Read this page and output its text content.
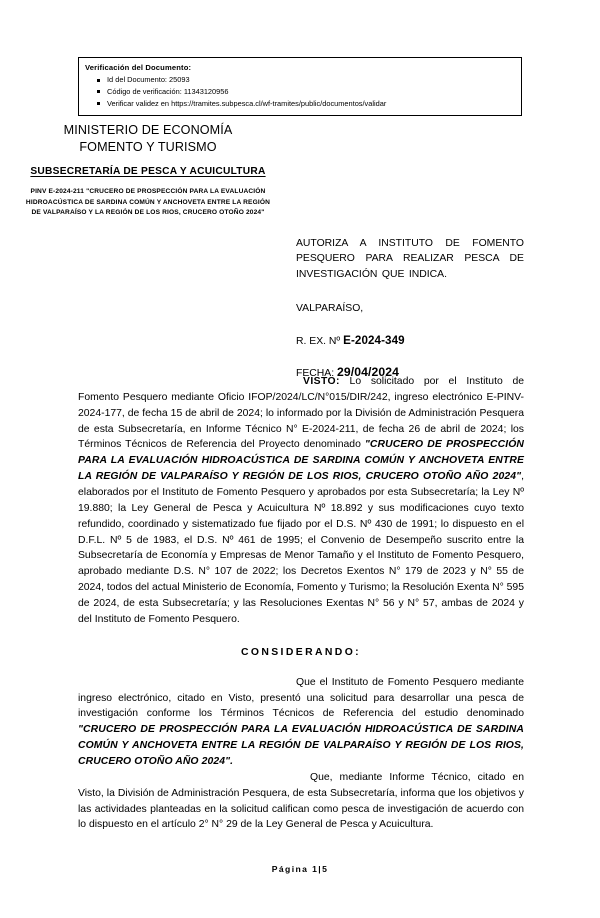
Verificación del Documento:

Id del Documento: 25093
Código de verificación: 11343120956
Verificar validez en https://tramites.subpesca.cl/wf-tramites/public/documentos/validar
MINISTERIO DE ECONOMÍA
FOMENTO Y TURISMO
SUBSECRETARÍA DE PESCA Y ACUICULTURA
PINV E-2024-211 "CRUCERO DE PROSPECCIÓN PARA LA EVALUACIÓN HIDROACÚSTICA DE SARDINA COMÚN Y ANCHOVETA ENTRE LA REGIÓN DE VALPARAÍSO Y LA REGIÓN DE LOS RIOS, CRUCERO OTOÑO 2024"
AUTORIZA A INSTITUTO DE FOMENTO PESQUERO PARA REALIZAR PESCA DE INVESTIGACIÓN QUE INDICA.
VALPARAÍSO,
R. EX. Nº E-2024-349
FECHA: 29/04/2024

VISTO: Lo solicitado por el Instituto de Fomento Pesquero mediante Oficio IFOP/2024/LC/N°015/DIR/242, ingreso electrónico E-PINV-2024-177, de fecha 15 de abril de 2024; lo informado por la División de Administración Pesquera de esta Subsecretaría, en Informe Técnico N° E-2024-211, de fecha 26 de abril de 2024; los Términos Técnicos de Referencia del Proyecto denominado "CRUCERO DE PROSPECCIÓN PARA LA EVALUACIÓN HIDROACÚSTICA DE SARDINA COMÚN Y ANCHOVETA ENTRE LA REGIÓN DE VALPARAÍSO Y REGIÓN DE LOS RIOS, CRUCERO OTOÑO AÑO 2024", elaborados por el Instituto de Fomento Pesquero y aprobados por esta Subsecretaría; la Ley Nº 19.880; la Ley General de Pesca y Acuicultura Nº 18.892 y sus modificaciones cuyo texto refundido, coordinado y sistematizado fue fijado por el D.S. Nº 430 de 1991; lo dispuesto en el D.F.L. Nº 5 de 1983, el D.S. Nº 461 de 1995; el Convenio de Desempeño suscrito entre la Subsecretaría de Economía y Empresas de Menor Tamaño y el Instituto de Fomento Pesquero, aprobado mediante D.S. N° 107 de 2022; los Decretos Exentos N° 179 de 2023 y N° 55 de 2024, todos del actual Ministerio de Economía, Fomento y Turismo; la Resolución Exenta N° 595 de 2024, de esta Subsecretaría; y las Resoluciones Exentas N° 56 y N° 57, ambas de 2024 y del Instituto de Fomento Pesquero.

CONSIDERANDO:

Que el Instituto de Fomento Pesquero mediante ingreso electrónico, citado en Visto, presentó una solicitud para desarrollar una pesca de investigación conforme los Términos Técnicos de Referencia del estudio denominado "CRUCERO DE PROSPECCIÓN PARA LA EVALUACIÓN HIDROACÚSTICA DE SARDINA COMÚN Y ANCHOVETA ENTRE LA REGIÓN DE VALPARAÍSO Y REGIÓN DE LOS RIOS, CRUCERO OTOÑO AÑO 2024".

Que, mediante Informe Técnico, citado en Visto, la División de Administración Pesquera, de esta Subsecretaría, informa que los objetivos y las actividades planteadas en la solicitud califican como pesca de investigación de acuerdo con lo dispuesto en el artículo 2° N° 29 de la Ley General de Pesca y Acuicultura.

Página 1|5
